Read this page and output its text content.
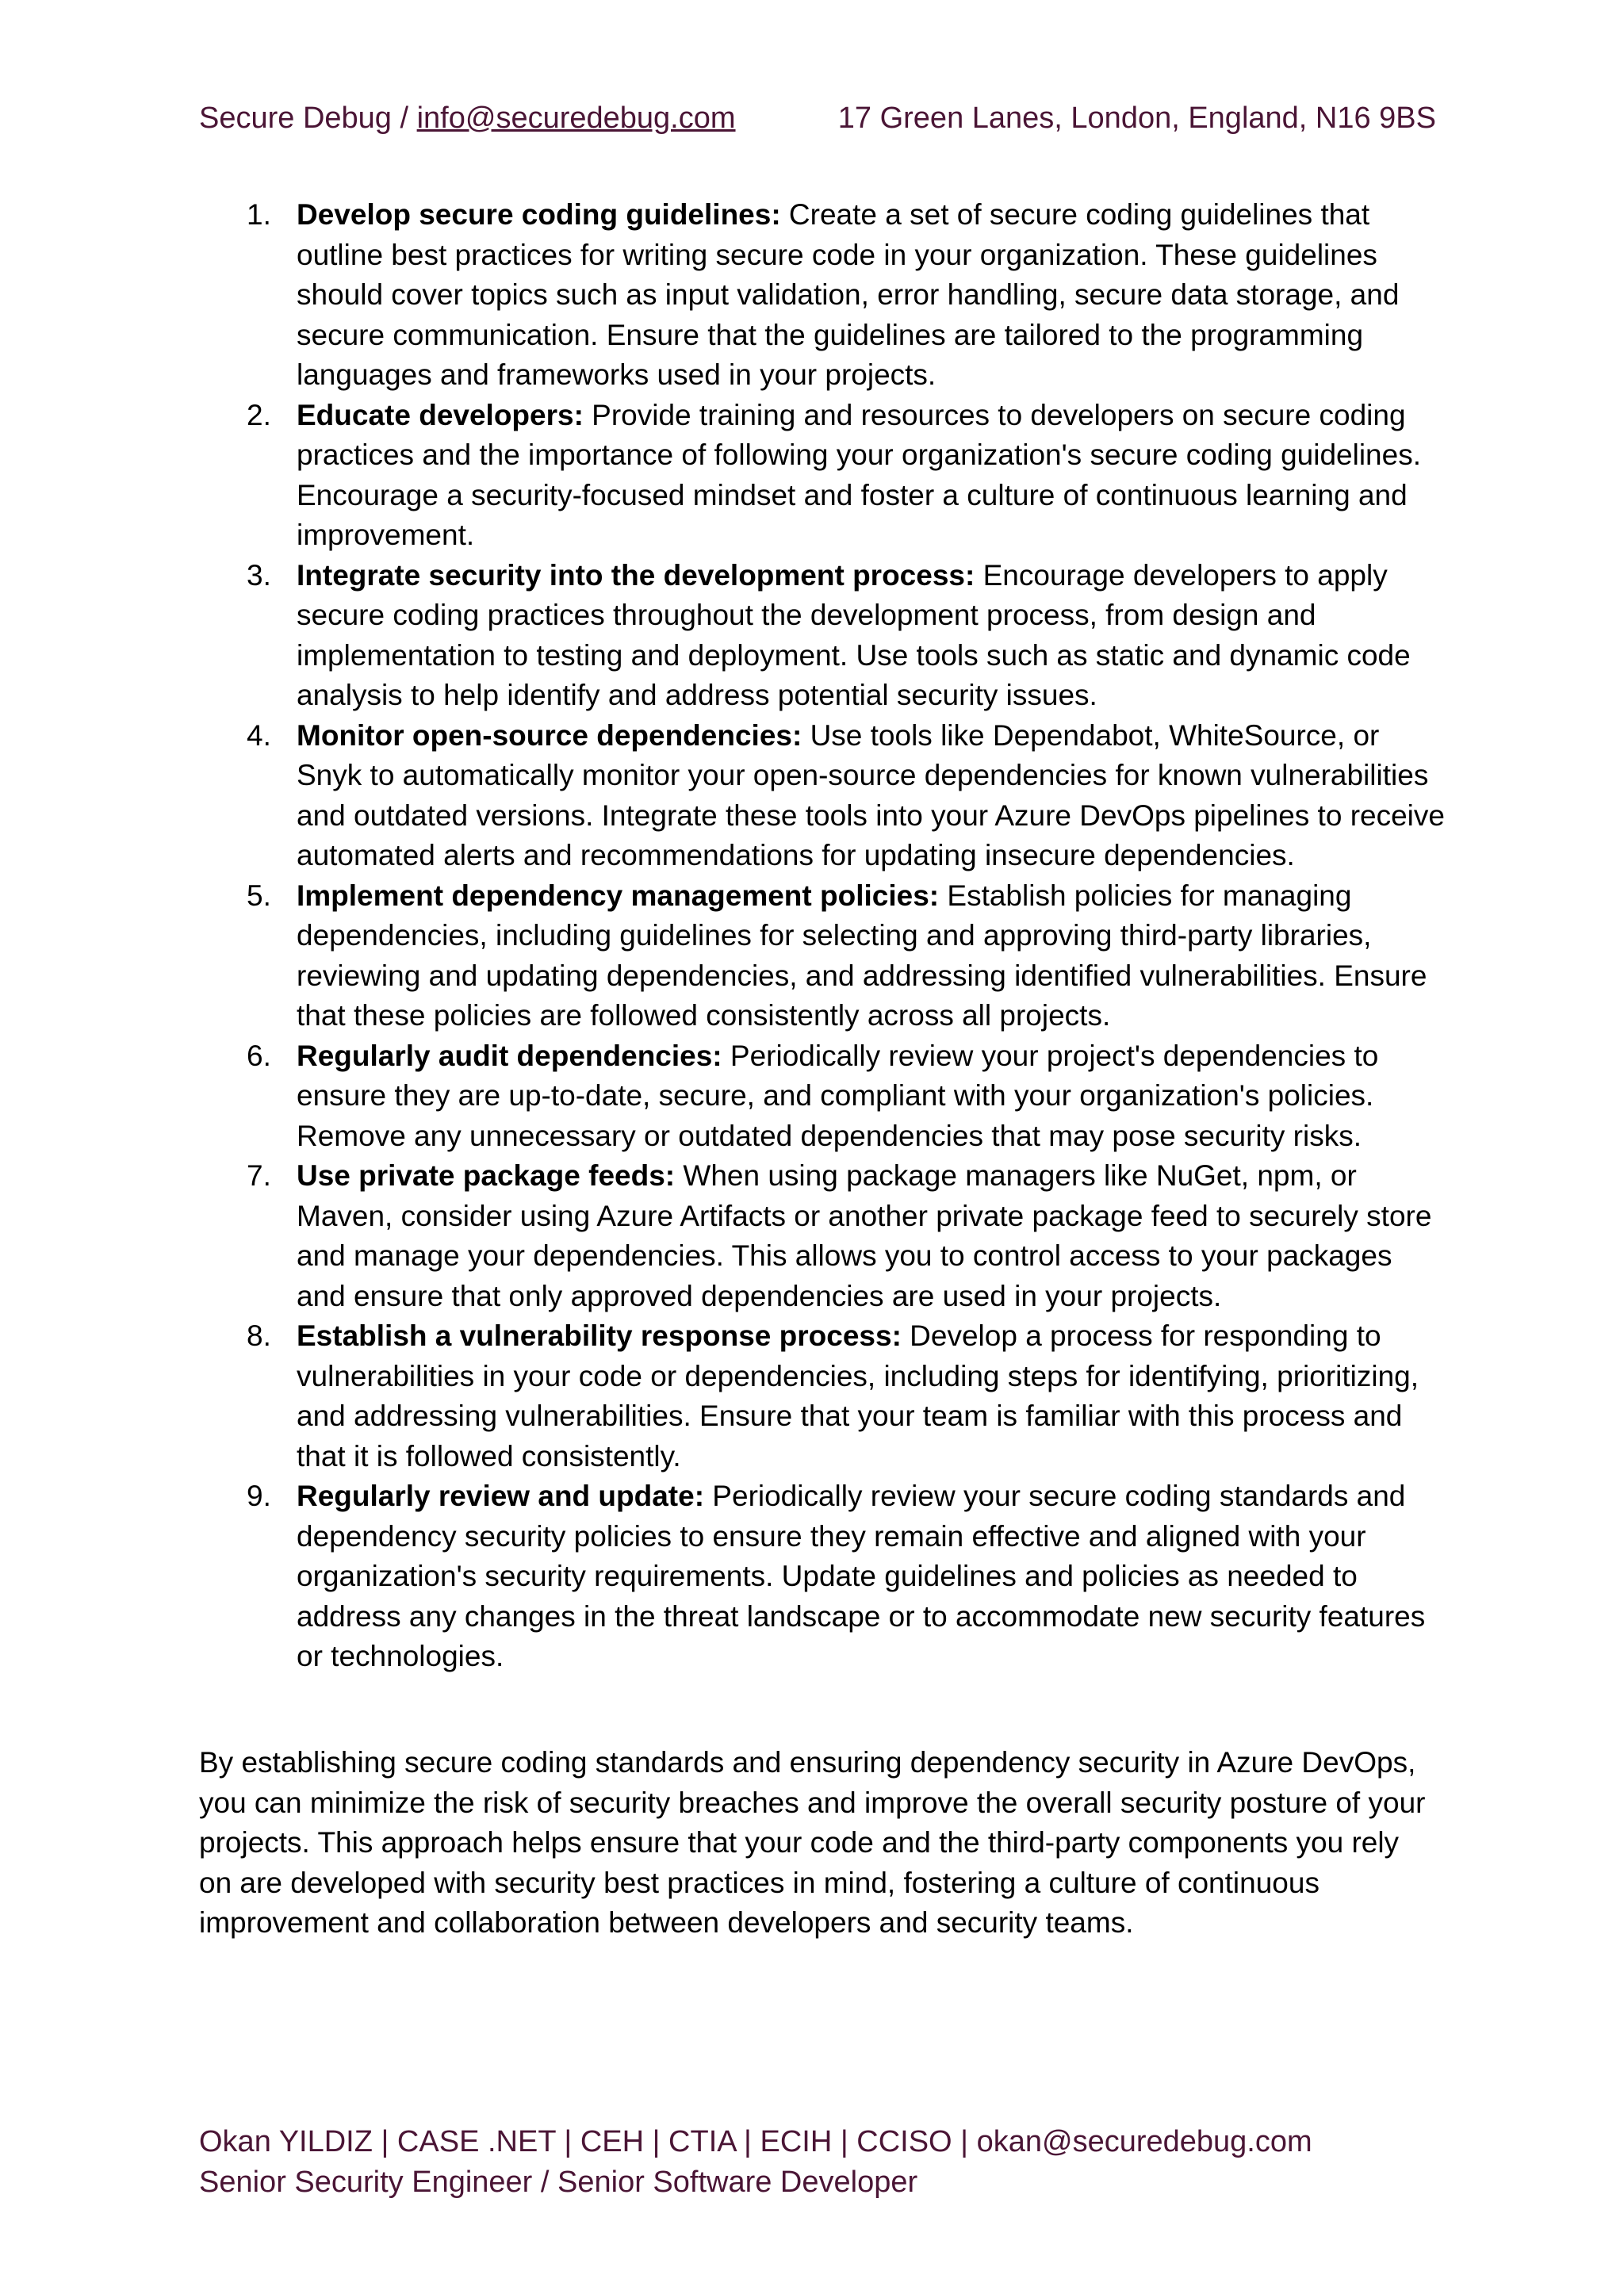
Secure Debug / info@securedebug.com	17 Green Lanes, London, England, N16 9BS
1. Develop secure coding guidelines: Create a set of secure coding guidelines that outline best practices for writing secure code in your organization. These guidelines should cover topics such as input validation, error handling, secure data storage, and secure communication. Ensure that the guidelines are tailored to the programming languages and frameworks used in your projects.
2. Educate developers: Provide training and resources to developers on secure coding practices and the importance of following your organization's secure coding guidelines. Encourage a security-focused mindset and foster a culture of continuous learning and improvement.
3. Integrate security into the development process: Encourage developers to apply secure coding practices throughout the development process, from design and implementation to testing and deployment. Use tools such as static and dynamic code analysis to help identify and address potential security issues.
4. Monitor open-source dependencies: Use tools like Dependabot, WhiteSource, or Snyk to automatically monitor your open-source dependencies for known vulnerabilities and outdated versions. Integrate these tools into your Azure DevOps pipelines to receive automated alerts and recommendations for updating insecure dependencies.
5. Implement dependency management policies: Establish policies for managing dependencies, including guidelines for selecting and approving third-party libraries, reviewing and updating dependencies, and addressing identified vulnerabilities. Ensure that these policies are followed consistently across all projects.
6. Regularly audit dependencies: Periodically review your project's dependencies to ensure they are up-to-date, secure, and compliant with your organization's policies. Remove any unnecessary or outdated dependencies that may pose security risks.
7. Use private package feeds: When using package managers like NuGet, npm, or Maven, consider using Azure Artifacts or another private package feed to securely store and manage your dependencies. This allows you to control access to your packages and ensure that only approved dependencies are used in your projects.
8. Establish a vulnerability response process: Develop a process for responding to vulnerabilities in your code or dependencies, including steps for identifying, prioritizing, and addressing vulnerabilities. Ensure that your team is familiar with this process and that it is followed consistently.
9. Regularly review and update: Periodically review your secure coding standards and dependency security policies to ensure they remain effective and aligned with your organization's security requirements. Update guidelines and policies as needed to address any changes in the threat landscape or to accommodate new security features or technologies.

By establishing secure coding standards and ensuring dependency security in Azure DevOps, you can minimize the risk of security breaches and improve the overall security posture of your projects. This approach helps ensure that your code and the third-party components you rely on are developed with security best practices in mind, fostering a culture of continuous improvement and collaboration between developers and security teams.

Okan YILDIZ | CASE .NET | CEH | CTIA | ECIH | CCISO | okan@securedebug.com
Senior Security Engineer / Senior Software Developer
